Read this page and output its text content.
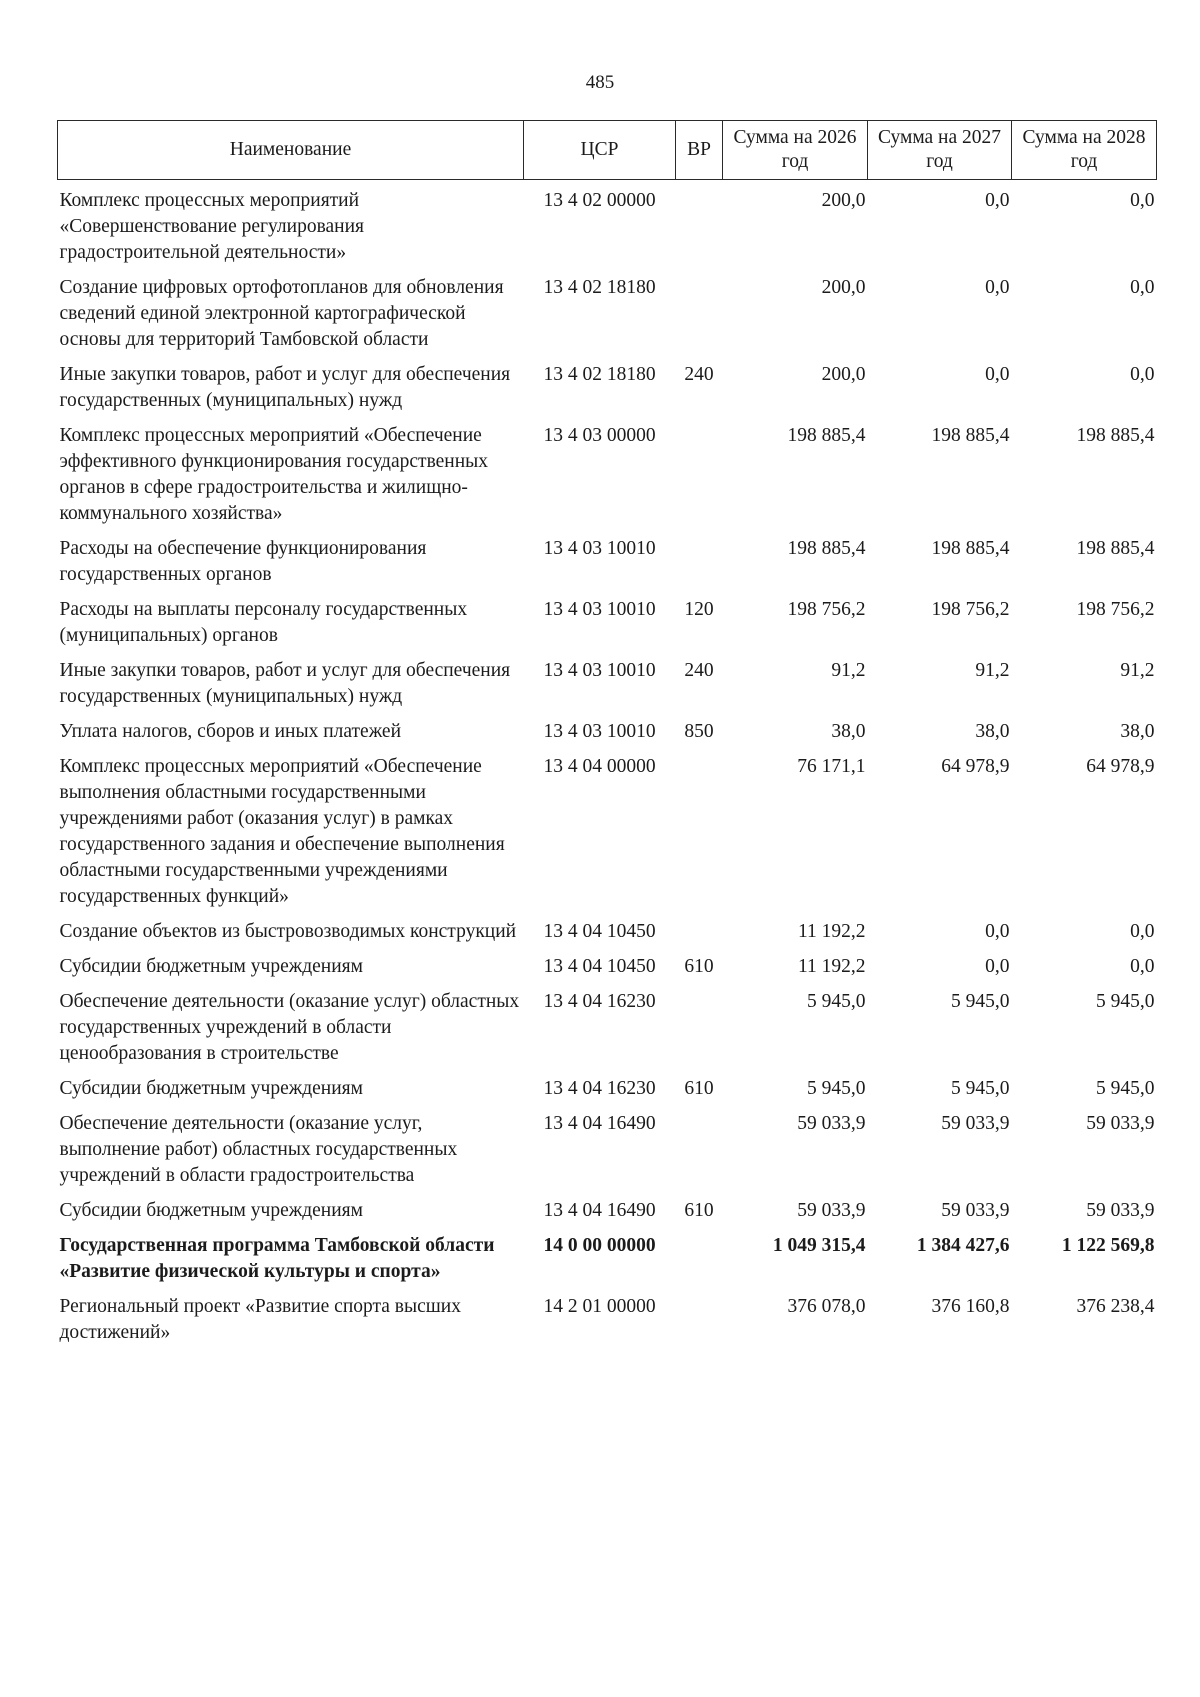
485
Наименование	ЦСР	ВР	Сумма на 2026 год	Сумма на 2027 год	Сумма на 2028 год
Комплекс процессных мероприятий «Совершенствование регулирования градостроительной деятельности»	13 4 02 00000		200,0	0,0	0,0
Создание цифровых ортофотопланов для обновления сведений единой электронной картографической основы для территорий Тамбовской области	13 4 02 18180		200,0	0,0	0,0
Иные закупки товаров, работ и услуг для обеспечения государственных (муниципальных) нужд	13 4 02 18180	240	200,0	0,0	0,0
Комплекс процессных мероприятий «Обеспечение эффективного функционирования государственных органов в сфере градостроительства и жилищно-коммунального хозяйства»	13 4 03 00000		198 885,4	198 885,4	198 885,4
Расходы на обеспечение функционирования государственных органов	13 4 03 10010		198 885,4	198 885,4	198 885,4
Расходы на выплаты персоналу государственных (муниципальных) органов	13 4 03 10010	120	198 756,2	198 756,2	198 756,2
Иные закупки товаров, работ и услуг для обеспечения государственных (муниципальных) нужд	13 4 03 10010	240	91,2	91,2	91,2
Уплата налогов, сборов и иных платежей	13 4 03 10010	850	38,0	38,0	38,0
Комплекс процессных мероприятий «Обеспечение выполнения областными государственными учреждениями работ (оказания услуг) в рамках государственного задания и обеспечение выполнения областными государственными учреждениями государственных функций»	13 4 04 00000		76 171,1	64 978,9	64 978,9
Создание объектов из быстровозводимых конструкций	13 4 04 10450		11 192,2	0,0	0,0
Субсидии бюджетным учреждениям	13 4 04 10450	610	11 192,2	0,0	0,0
Обеспечение деятельности (оказание услуг) областных государственных учреждений в области ценообразования в строительстве	13 4 04 16230		5 945,0	5 945,0	5 945,0
Субсидии бюджетным учреждениям	13 4 04 16230	610	5 945,0	5 945,0	5 945,0
Обеспечение деятельности (оказание услуг, выполнение работ) областных государственных учреждений в области градостроительства	13 4 04 16490		59 033,9	59 033,9	59 033,9
Субсидии бюджетным учреждениям	13 4 04 16490	610	59 033,9	59 033,9	59 033,9
Государственная программа Тамбовской области «Развитие физической культуры и спорта»	14 0 00 00000		1 049 315,4	1 384 427,6	1 122 569,8
Региональный проект «Развитие спорта высших достижений»	14 2 01 00000		376 078,0	376 160,8	376 238,4
